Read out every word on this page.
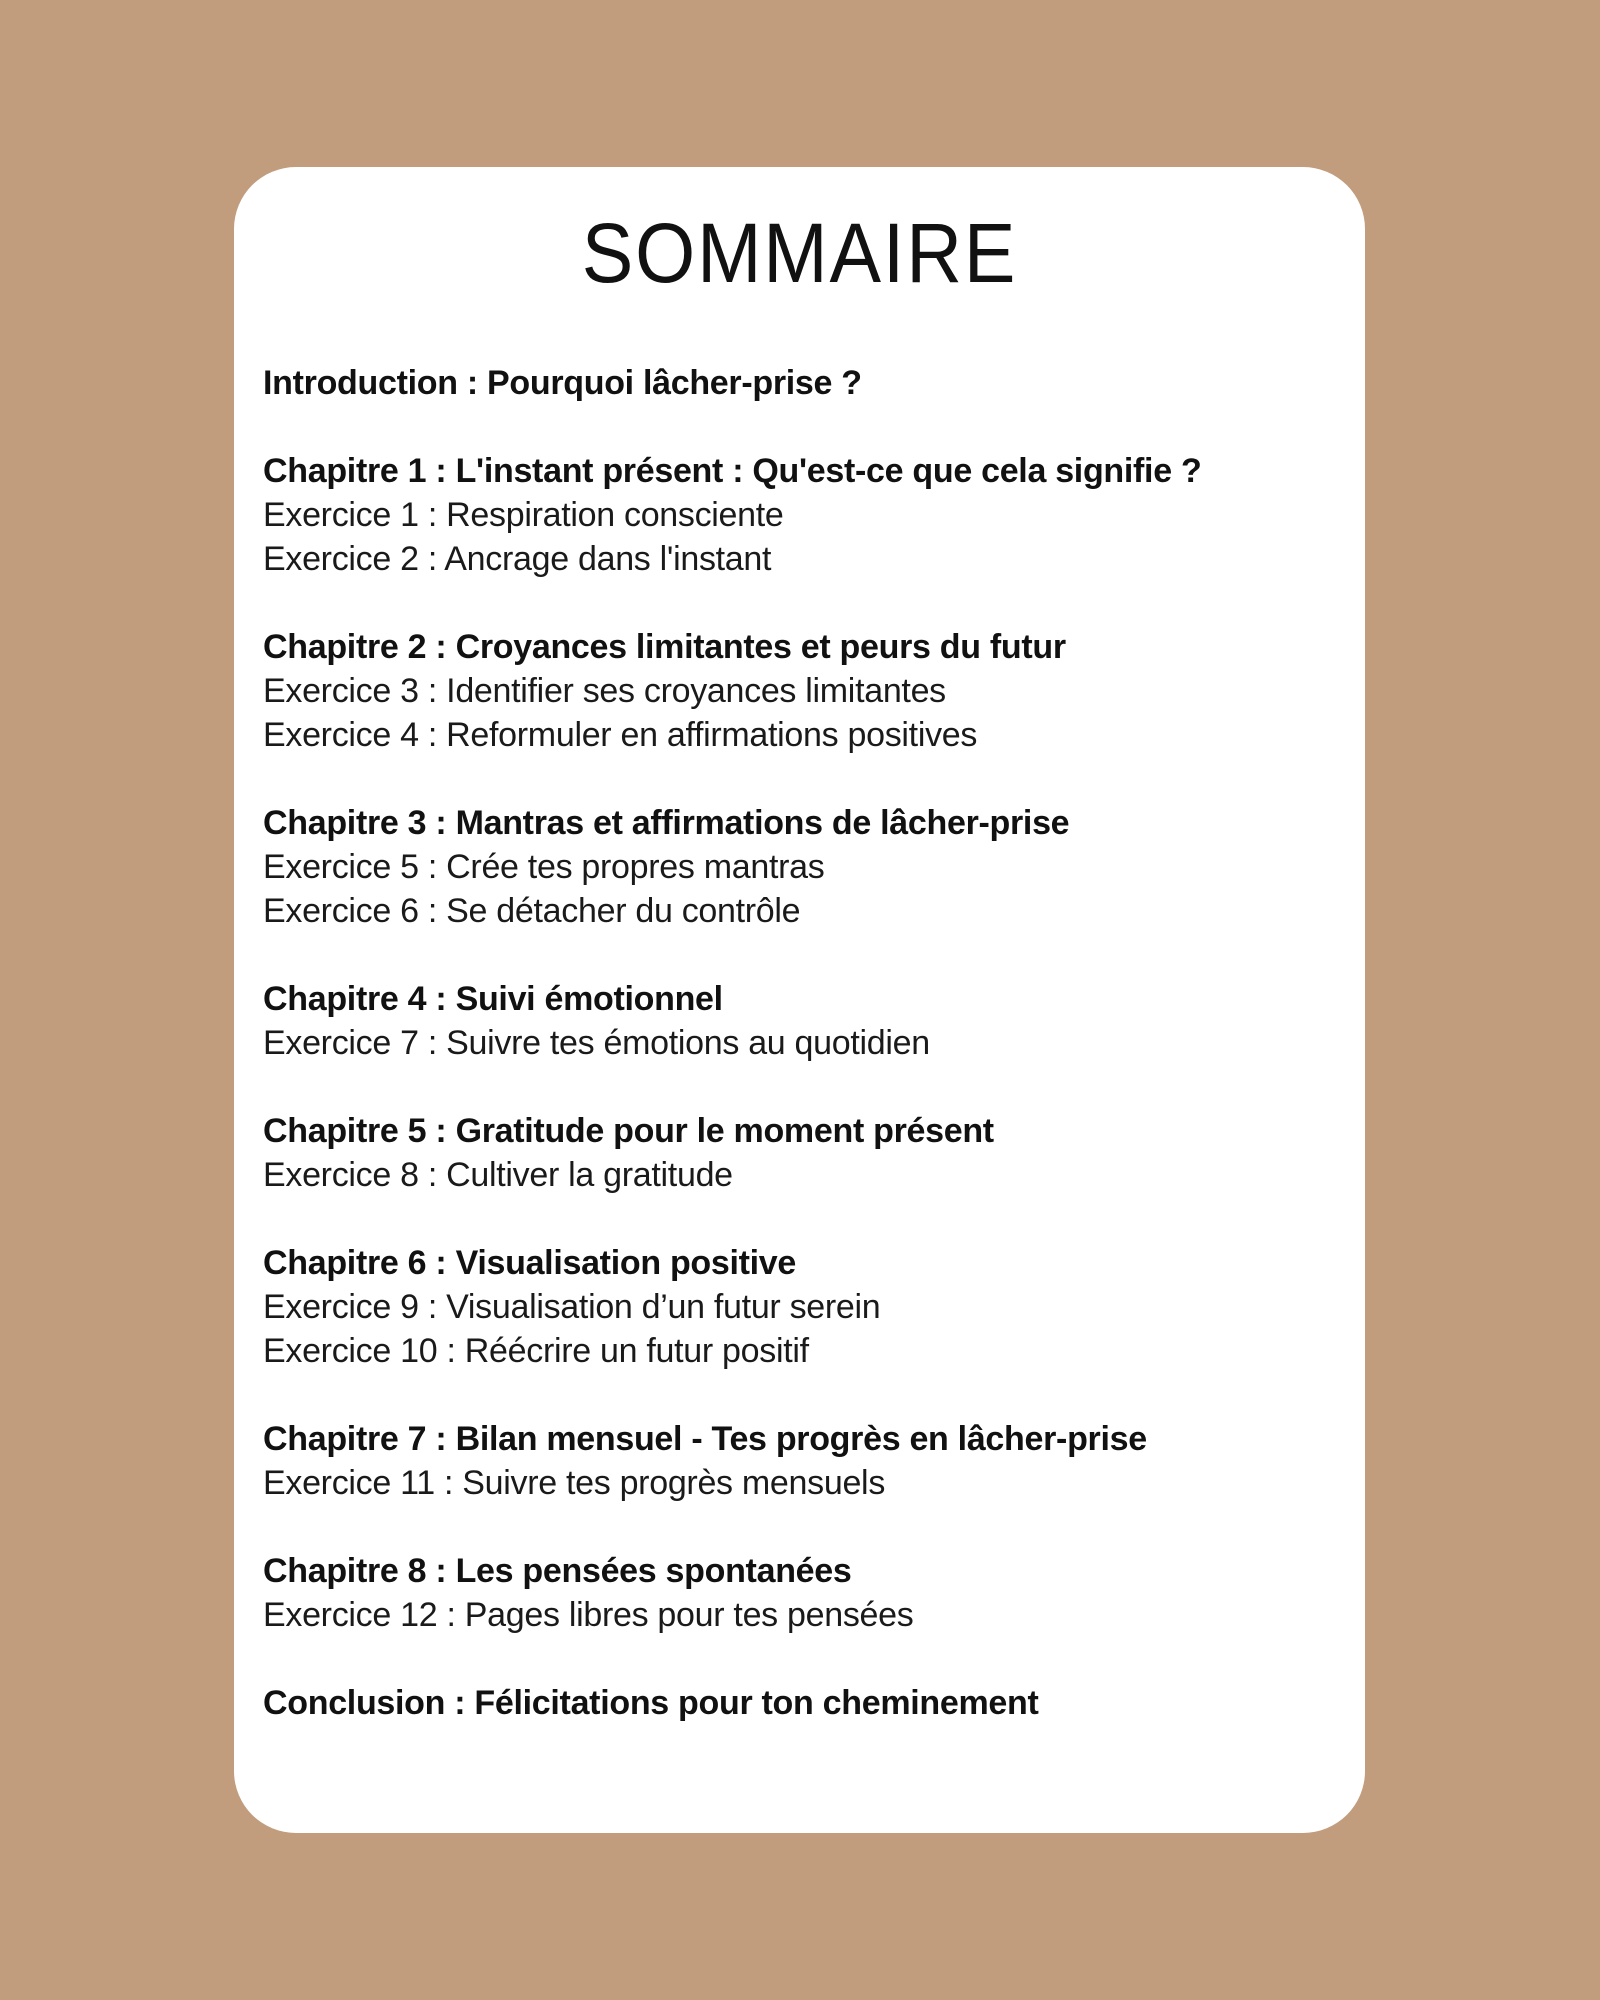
SOMMAIRE

Introduction : Pourquoi lâcher-prise ?

Chapitre 1 : L'instant présent : Qu'est-ce que cela signifie ?

Exercice 1 : Respiration consciente

Exercice 2 : Ancrage dans l'instant

Chapitre 2 : Croyances limitantes et peurs du futur

Exercice 3 : Identifier ses croyances limitantes

Exercice 4 : Reformuler en affirmations positives

Chapitre 3 : Mantras et affirmations de lâcher-prise

Exercice 5 : Crée tes propres mantras

Exercice 6 : Se détacher du contrôle

Chapitre 4 : Suivi émotionnel

Exercice 7 : Suivre tes émotions au quotidien

Chapitre 5 : Gratitude pour le moment présent

Exercice 8 : Cultiver la gratitude

Chapitre 6 : Visualisation positive

Exercice 9 : Visualisation d’un futur serein

Exercice 10 : Réécrire un futur positif

Chapitre 7 : Bilan mensuel - Tes progrès en lâcher-prise

Exercice 11 : Suivre tes progrès mensuels

Chapitre 8 : Les pensées spontanées

Exercice 12 : Pages libres pour tes pensées

Conclusion : Félicitations pour ton cheminement
